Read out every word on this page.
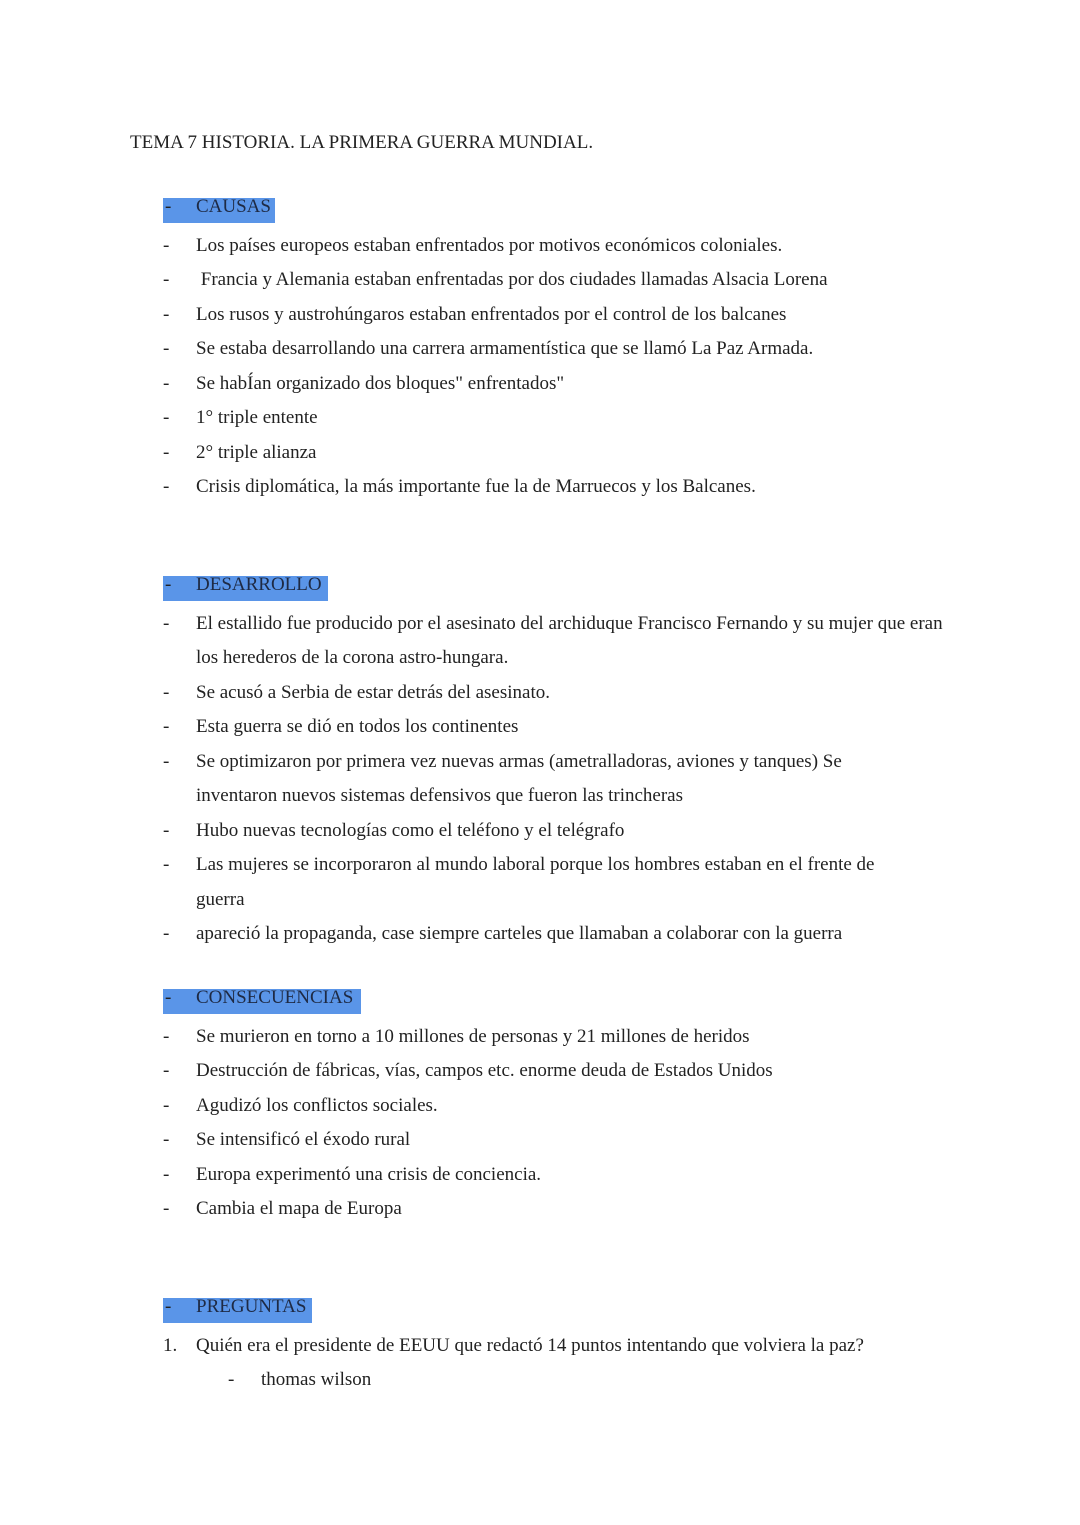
TEMA 7 HISTORIA. LA PRIMERA GUERRA MUNDIAL.
- CAUSAS
-	Los países europeos estaban enfrentados por motivos económicos coloniales.
-	Francia y Alemania estaban enfrentadas por dos ciudades llamadas Alsacia Lorena
-	Los rusos y austrohúngaros estaban enfrentados por el control de los balcanes
-	Se estaba desarrollando una carrera armamentística que se llamó La Paz Armada.
-	Se habÍan organizado dos bloques" enfrentados"
-	1° triple entente
-	2° triple alianza
-	Crisis diplomática, la más importante fue la de Marruecos y los Balcanes.
- DESARROLLO
-	El estallido fue producido por el asesinato del archiduque Francisco Fernando y su mujer que eran los herederos de la corona astro-hungara.
-	Se acusó a Serbia de estar detrás del asesinato.
-	Esta guerra se dió en todos los continentes
-	Se optimizaron por primera vez nuevas armas (ametralladoras, aviones y tanques) Se inventaron nuevos sistemas defensivos que fueron las trincheras
-	Hubo nuevas tecnologías como el teléfono y el telégrafo
-	Las mujeres se incorporaron al mundo laboral porque los hombres estaban en el frente de guerra
-	apareció la propaganda, case siempre carteles que llamaban a colaborar con la guerra
- CONSECUENCIAS
-	Se murieron en torno a 10 millones de personas y 21 millones de heridos
-	Destrucción de fábricas, vías, campos etc. enorme deuda de Estados Unidos
-	Agudizó los conflictos sociales.
-	Se intensificó el éxodo rural
-	Europa experimentó una crisis de conciencia.
-	Cambia el mapa de Europa
- PREGUNTAS
1. Quién era el presidente de EEUU que redactó 14 puntos intentando que volviera la paz?
-	thomas wilson
